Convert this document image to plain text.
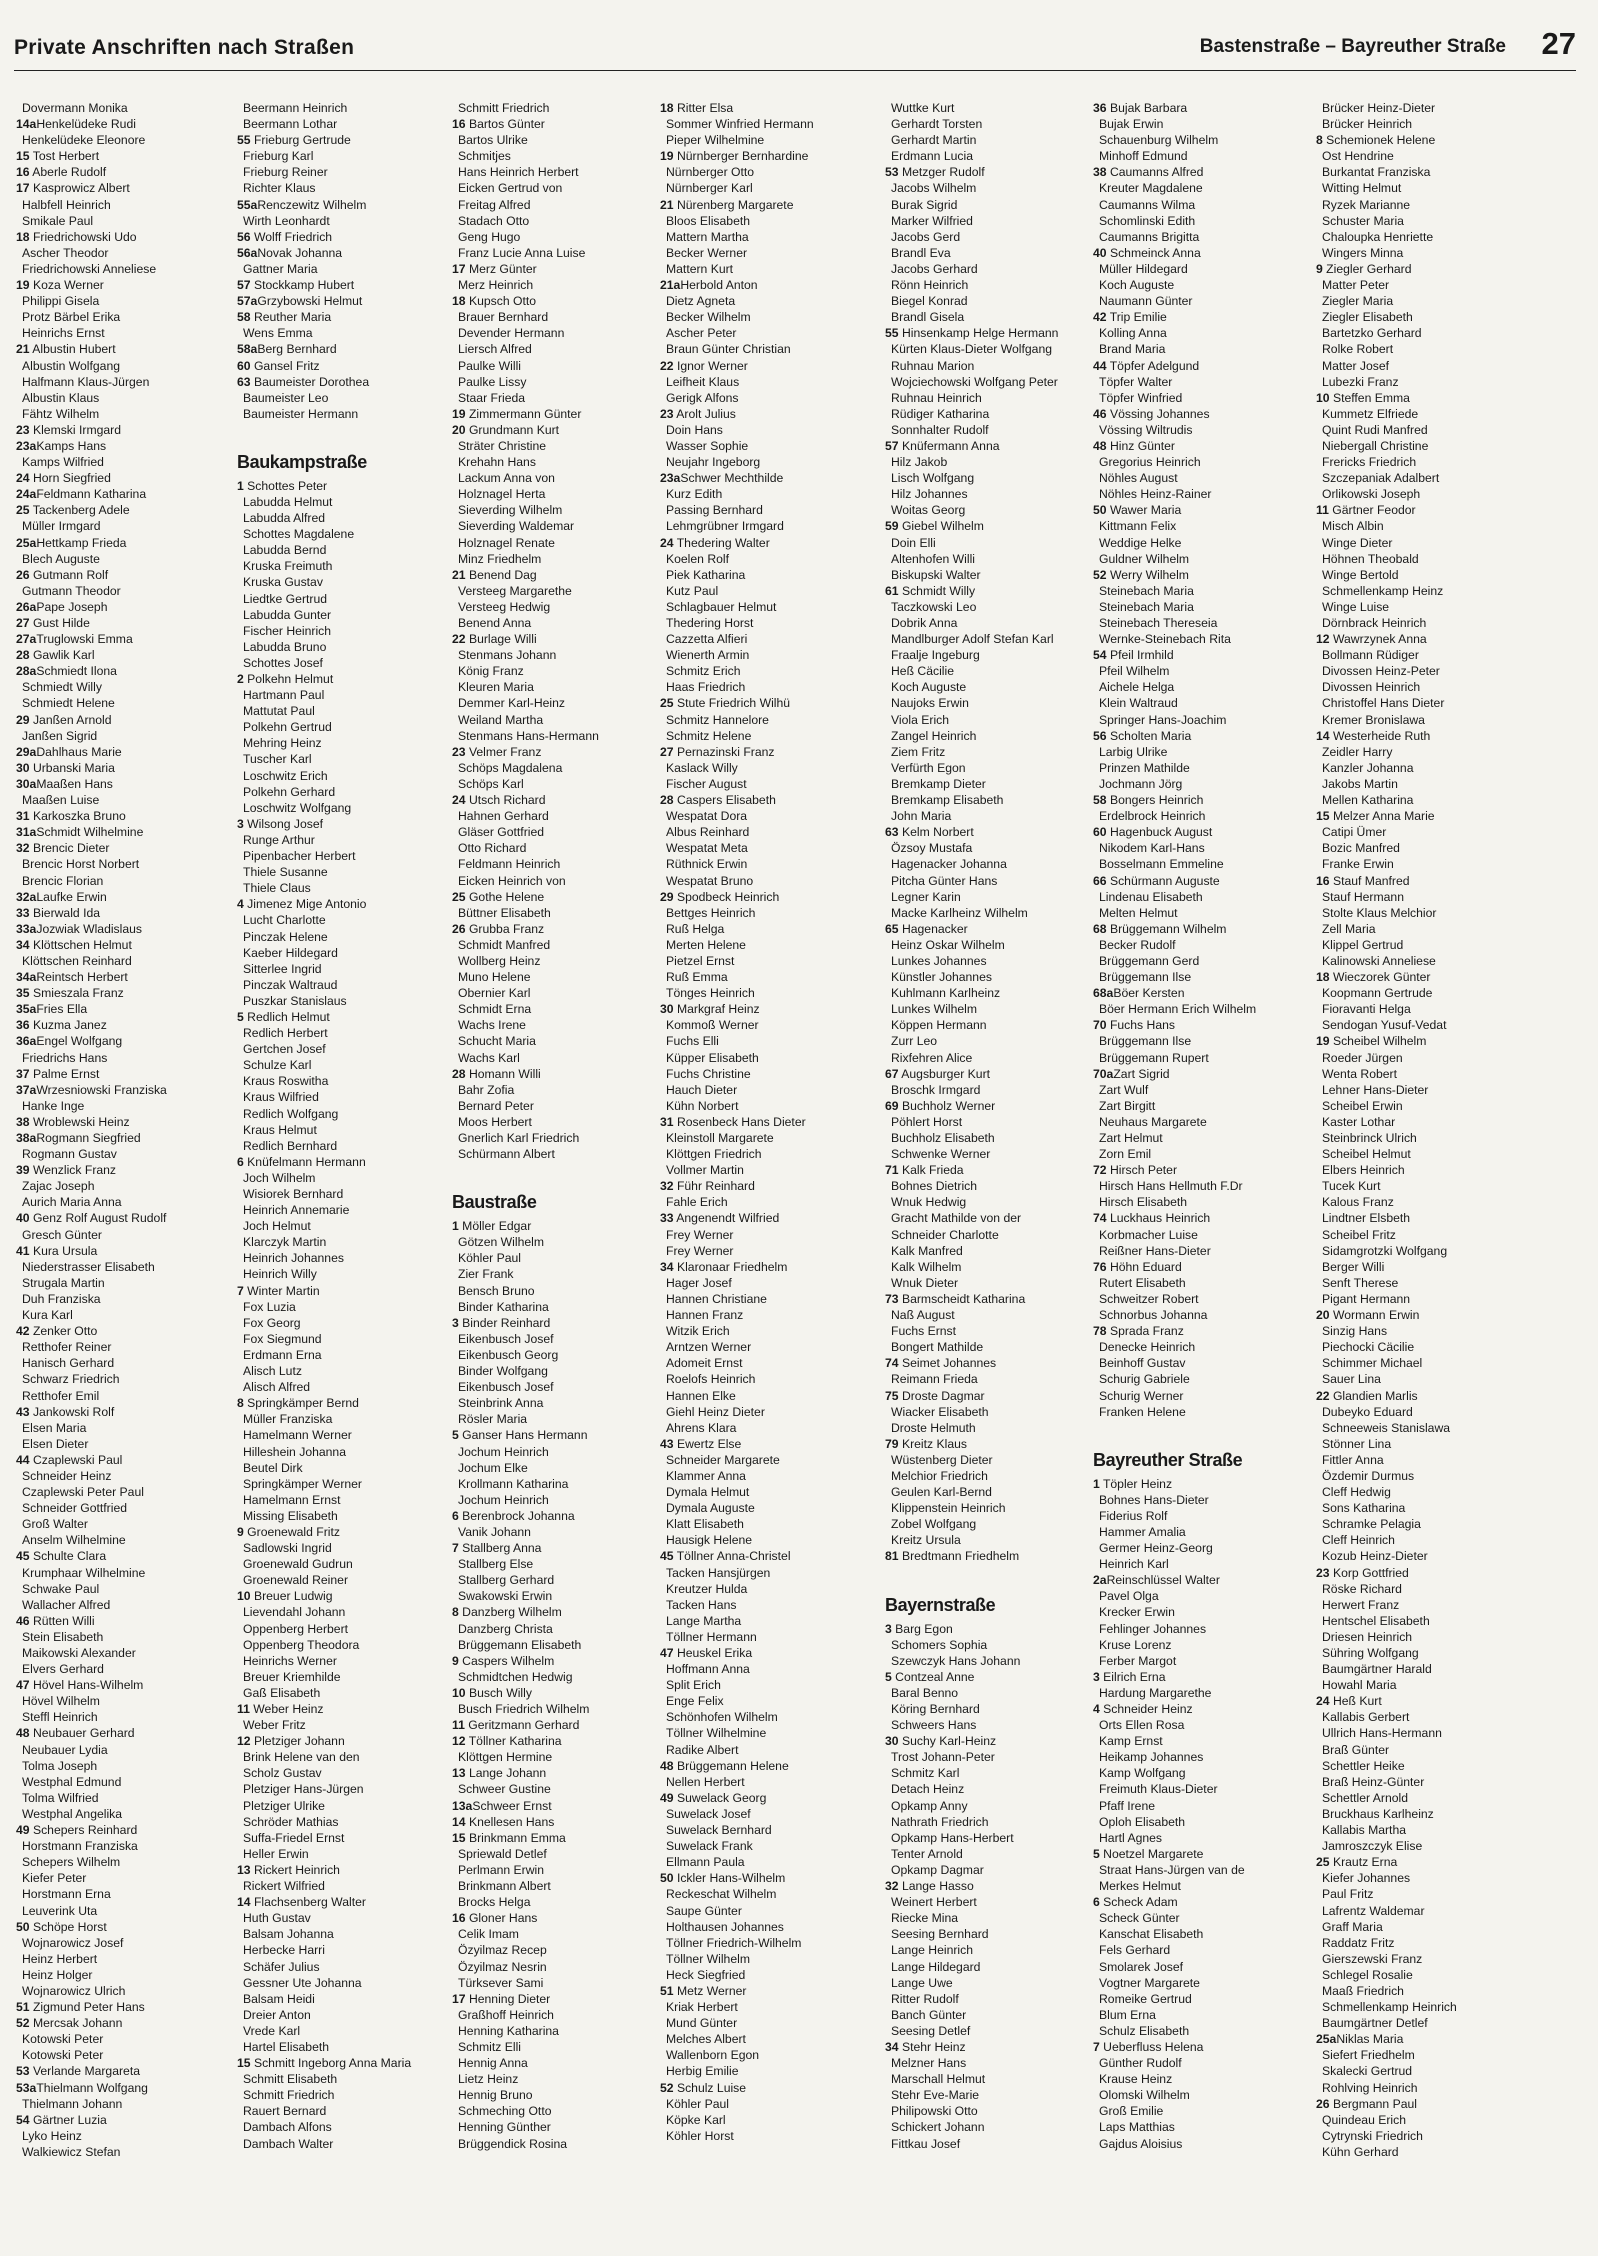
Private Anschriften nach Straßen	Bastenstraße – Bayreuther Straße 27
Dovermann Monika
14aHenkelüdeke Rudi
Henkelüdeke Eleonore
15 Tost Herbert
16 Aberle Rudolf
17 Kasprowicz Albert
Halbfell Heinrich
Smikale Paul
18 Friedrichowski Udo
Ascher Theodor
Friedrichowski Anneliese
19 Koza Werner
Philippi Gisela
Protz Bärbel Erika
Heinrichs Ernst
21 Albustin Hubert
Albustin Wolfgang
Halfmann Klaus-Jürgen
Albustin Klaus
Fähtz Wilhelm
23 Klemski Irmgard
23aKamps Hans
Kamps Wilfried
24 Horn Siegfried
24aFeldmann Katharina
25 Tackenberg Adele
Müller Irmgard
25aHettkamp Frieda
Blech Auguste
26 Gutmann Rolf
Gutmann Theodor
26aPape Joseph
27 Gust Hilde
27aTruglowski Emma
28 Gawlik Karl
28aSchmiedt Ilona
Schmiedt Willy
Schmiedt Helene
29 Janßen Arnold
Janßen Sigrid
29aDahlhaus Marie
30 Urbanski Maria
30aMaaßen Hans
Maaßen Luise
31 Karkoszka Bruno
31aSchmidt Wilhelmine
32 Brencic Dieter
Brencic Horst Norbert
Brencic Florian
32aLaufke Erwin
33 Bierwald Ida
33aJozwiak Wladislaus
34 Klöttschen Helmut
Klöttschen Reinhard
34aReintsch Herbert
35 Smieszala Franz
35aFries Ella
36 Kuzma Janez
36aEngel Wolfgang
Friedrichs Hans
37 Palme Ernst
37aWrzesniowski Franziska
Hanke Inge
38 Wroblewski Heinz
38aRogmann Siegfried
Rogmann Gustav
39 Wenzlick Franz
Zajac Joseph
Aurich Maria Anna
40 Genz Rolf August Rudolf
Gresch Günter
41 Kura Ursula
Niederstrasser Elisabeth
Strugala Martin
Duh Franziska
Kura Karl
42 Zenker Otto
Retthofer Reiner
Hanisch Gerhard
Schwarz Friedrich
Retthofer Emil
43 Jankowski Rolf
Elsen Maria
Elsen Dieter
44 Czaplewski Paul
Schneider Heinz
Czaplewski Peter Paul
Schneider Gottfried
Groß Walter
Anselm Wilhelmine
45 Schulte Clara
Krumphaar Wilhelmine
Schwake Paul
Wallacher Alfred
46 Rütten Willi
Stein Elisabeth
Maikowski Alexander
Elvers Gerhard
47 Hövel Hans-Wilhelm
Hövel Wilhelm
Steffl Heinrich
48 Neubauer Gerhard
Neubauer Lydia
Tolma Joseph
Westphal Edmund
Tolma Wilfried
Westphal Angelika
49 Schepers Reinhard
Horstmann Franziska
Schepers Wilhelm
Kiefer Peter
Horstmann Erna
Leuverink Uta
50 Schöpe Horst
Wojnarowicz Josef
Heinz Herbert
Heinz Holger
Wojnarowicz Ulrich
51 Zigmund Peter Hans
52 Mercsak Johann
Kotowski Peter
Kotowski Peter
53 Verlande Margareta
53aThielmann Wolfgang
Thielmann Johann
54 Gärtner Luzia
Lyko Heinz
Walkiewicz Stefan
Beermann Heinrich
Beermann Lothar
55 Frieburg Gertrude
Frieburg Karl
Frieburg Reiner
Richter Klaus
55aRenczewitz Wilhelm
Wirth Leonhardt
56 Wolff Friedrich
56aNovak Johanna
Gattner Maria
57 Stockkamp Hubert
57aGrzybowski Helmut
58 Reuther Maria
Wens Emma
58aBerg Bernhard
60 Gansel Fritz
63 Baumeister Dorothea
Baumeister Leo
Baumeister Hermann
Baukampstraße
1 Schottes Peter
Labudda Helmut
Labudda Alfred
Schottes Magdalene
Labudda Bernd
Kruska Freimuth
Kruska Gustav
Liedtke Gertrud
Labudda Gunter
Fischer Heinrich
Labudda Bruno
Schottes Josef
2 Polkehn Helmut
Hartmann Paul
Mattutat Paul
Polkehn Gertrud
Mehring Heinz
Tuscher Karl
Loschwitz Erich
Polkehn Gerhard
Loschwitz Wolfgang
3 Wilsong Josef
Runge Arthur
Pipenbacher Herbert
Thiele Susanne
Thiele Claus
4 Jimenez Mige Antonio
Lucht Charlotte
Pinczak Helene
Kaeber Hildegard
Sitterlee Ingrid
Pinczak Waltraud
Puszkar Stanislaus
5 Redlich Helmut
Redlich Herbert
Gertchen Josef
Schulze Karl
Kraus Roswitha
Kraus Wilfried
Redlich Wolfgang
Kraus Helmut
Redlich Bernhard
6 Knüfelmann Hermann
Joch Wilhelm
Wisiorek Bernhard
Heinrich Annemarie
Joch Helmut
Klarczyk Martin
Heinrich Johannes
Heinrich Willy
7 Winter Martin
Fox Luzia
Fox Georg
Fox Siegmund
Erdmann Erna
Alisch Lutz
Alisch Alfred
8 Springkämper Bernd
Müller Franziska
Hamelmann Werner
Hilleshein Johanna
Beutel Dirk
Springkämper Werner
Hamelmann Ernst
Missing Elisabeth
9 Groenewald Fritz
Sadlowski Ingrid
Groenewald Gudrun
Groenewald Reiner
10 Breuer Ludwig
Lievendahl Johann
Oppenberg Herbert
Oppenberg Theodora
Heinrichs Werner
Breuer Kriemhilde
Gaß Elisabeth
11 Weber Heinz
Weber Fritz
12 Pletziger Johann
Brink Helene van den
Scholz Gustav
Pletziger Hans-Jürgen
Pletziger Ulrike
Schröder Mathias
Suffa-Friedel Ernst
Heller Erwin
13 Rickert Heinrich
Rickert Wilfried
14 Flachsenberg Walter
Huth Gustav
Balsam Johanna
Herbecke Harri
Schäfer Julius
Gessner Ute Johanna
Balsam Heidi
Dreier Anton
Vrede Karl
Hartel Elisabeth
15 Schmitt Ingeborg Anna Maria
Schmitt Elisabeth
Schmitt Friedrich
Rauert Bernard
Dambach Alfons
Dambach Walter
Schmitt Friedrich
16 Bartos Günter
Bartos Ulrike
Schmitjes
Hans Heinrich Herbert
Eicken Gertrud von
Freitag Alfred
Stadach Otto
Geng Hugo
Franz Lucie Anna Luise
17 Merz Günter
Merz Heinrich
18 Kupsch Otto
Brauer Bernhard
Devender Hermann
Liersch Alfred
Paulke Willi
Paulke Lissy
Staar Frieda
19 Zimmermann Günter
20 Grundmann Kurt
Sträter Christine
Krehahn Hans
Lackum Anna von
Holznagel Herta
Sieverding Wilhelm
Sieverding Waldemar
Holznagel Renate
Minz Friedhelm
21 Benend Dag
Versteeg Margarethe
Versteeg Hedwig
Benend Anna
22 Burlage Willi
Stenmans Johann
König Franz
Kleuren Maria
Demmer Karl-Heinz
Weiland Martha
Stenmans Hans-Hermann
23 Velmer Franz
Schöps Magdalena
Schöps Karl
24 Utsch Richard
Hahnen Gerhard
Gläser Gottfried
Otto Richard
Feldmann Heinrich
Eicken Heinrich von
25 Gothe Helene
Büttner Elisabeth
26 Grubba Franz
Schmidt Manfred
Wollberg Heinz
Muno Helene
Obernier Karl
Schmidt Erna
Wachs Irene
Schucht Maria
Wachs Karl
28 Homann Willi
Bahr Zofia
Bernard Peter
Moos Herbert
Gnerlich Karl Friedrich
Schürmann Albert
Baustraße
1 Möller Edgar
Götzen Wilhelm
Köhler Paul
Zier Frank
Bensch Bruno
Binder Katharina
3 Binder Reinhard
Eikenbusch Josef
Eikenbusch Georg
Binder Wolfgang
Eikenbusch Josef
Steinbrink Anna
Rösler Maria
5 Ganser Hans Hermann
Jochum Heinrich
Jochum Elke
Krollmann Katharina
Jochum Heinrich
6 Berenbrock Johanna
Vanik Johann
7 Stallberg Anna
Stallberg Else
Stallberg Gerhard
Swakowski Erwin
8 Danzberg Wilhelm
Danzberg Christa
Brüggemann Elisabeth
9 Caspers Wilhelm
Schmidtchen Hedwig
10 Busch Willy
Busch Friedrich Wilhelm
11 Geritzmann Gerhard
12 Töllner Katharina
Klöttgen Hermine
13 Lange Johann
Schweer Gustine
13aSchweer Ernst
14 Knellesen Hans
15 Brinkmann Emma
Spriewald Detlef
Perlmann Erwin
Brinkmann Albert
Brocks Helga
16 Gloner Hans
Celik Imam
Özyilmaz Recep
Özyilmaz Nesrin
Türksever Sami
17 Henning Dieter
Graßhoff Heinrich
Henning Katharina
Schmitz Elli
Hennig Anna
Lietz Heinz
Hennig Bruno
Schmeching Otto
Henning Günther
Brüggendick Rosina
18 Ritter Elsa
Sommer Winfried Hermann
Pieper Wilhelmine
19 Nürnberger Bernhardine
Nürnberger Otto
Nürnberger Karl
21 Nürenberg Margarete
Bloos Elisabeth
Mattern Martha
Becker Werner
Mattern Kurt
21aHerbold Anton
Dietz Agneta
Becker Wilhelm
Ascher Peter
Braun Günter Christian
22 Ignor Werner
Leifheit Klaus
Gerigk Alfons
23 Arolt Julius
Doin Hans
Wasser Sophie
Neujahr Ingeborg
23aSchwer Mechthilde
Kurz Edith
Passing Bernhard
Lehmgrübner Irmgard
24 Thedering Walter
Koelen Rolf
Piek Katharina
Kutz Paul
Schlagbauer Helmut
Thedering Horst
Cazzetta Alfieri
Wienerth Armin
Schmitz Erich
Haas Friedrich
25 Stute Friedrich Wilhü
Schmitz Hannelore
Schmitz Helene
27 Pernazinski Franz
Kaslack Willy
Fischer August
28 Caspers Elisabeth
Wespatat Dora
Albus Reinhard
Wespatat Meta
Rüthnick Erwin
Wespatat Bruno
29 Spodbeck Heinrich
Bettges Heinrich
Ruß Helga
Merten Helene
Pietzel Ernst
Ruß Emma
Tönges Heinrich
30 Markgraf Heinz
Kommoß Werner
Fuchs Elli
Küpper Elisabeth
Fuchs Christine
Hauch Dieter
Kühn Norbert
31 Rosenbeck Hans Dieter
Kleinstoll Margarete
Klöttgen Friedrich
Vollmer Martin
32 Führ Reinhard
Fahle Erich
33 Angenendt Wilfried
Frey Werner
Frey Werner
34 Klaronaar Friedhelm
Hager Josef
Hannen Christiane
Hannen Franz
Witzik Erich
Arntzen Werner
Adomeit Ernst
Roelofs Heinrich
Hannen Elke
Giehl Heinz Dieter
Ahrens Klara
43 Ewertz Else
Schneider Margarete
Klammer Anna
Dymala Helmut
Dymala Auguste
Klatt Elisabeth
Hausigk Helene
45 Töllner Anna-Christel
Tacken Hansjürgen
Kreutzer Hulda
Tacken Hans
Lange Martha
Töllner Hermann
47 Heuskel Erika
Hoffmann Anna
Split Erich
Enge Felix
Schönhofen Wilhelm
Töllner Wilhelmine
Radike Albert
48 Brüggemann Helene
Nellen Herbert
49 Suwelack Georg
Suwelack Josef
Suwelack Bernhard
Suwelack Frank
Ellmann Paula
50 Ickler Hans-Wilhelm
Reckeschat Wilhelm
Saupe Günter
Holthausen Johannes
Töllner Friedrich-Wilhelm
Töllner Wilhelm
Heck Siegfried
51 Metz Werner
Kriak Herbert
Mund Günter
Melches Albert
Wallenborn Egon
Herbig Emilie
52 Schulz Luise
Köhler Paul
Köpke Karl
Köhler Horst
Wuttke Kurt
Gerhardt Torsten
Gerhardt Martin
Erdmann Lucia
53 Metzger Rudolf
Jacobs Wilhelm
Burak Sigrid
Marker Wilfried
Jacobs Gerd
Brandl Eva
Jacobs Gerhard
Rönn Heinrich
Biegel Konrad
Brandl Gisela
55 Hinsenkamp Helge Hermann
Kürten Klaus-Dieter Wolfgang
Ruhnau Marion
Wojciechowski Wolfgang Peter
Ruhnau Heinrich
Rüdiger Katharina
Sonnhalter Rudolf
57 Knüfermann Anna
Hilz Jakob
Lisch Wolfgang
Hilz Johannes
Woitas Georg
59 Giebel Wilhelm
Doin Elli
Altenhofen Willi
Biskupski Walter
61 Schmidt Willy
Taczkowski Leo
Dobrik Anna
Mandlburger Adolf Stefan Karl
Fraalje Ingeburg
Heß Cäcilie
Koch Auguste
Naujoks Erwin
Viola Erich
Zangel Heinrich
Ziem Fritz
Verfürth Egon
Bremkamp Dieter
Bremkamp Elisabeth
John Maria
63 Kelm Norbert
Özsoy Mustafa
Hagenacker Johanna
Pitcha Günter Hans
Legner Karin
Macke Karlheinz Wilhelm
65 Hagenacker
Heinz Oskar Wilhelm
Lunkes Johannes
Künstler Johannes
Kuhlmann Karlheinz
Lunkes Wilhelm
Köppen Hermann
Zurr Leo
Rixfehren Alice
67 Augsburger Kurt
Broschk Irmgard
69 Buchholz Werner
Pöhlert Horst
Buchholz Elisabeth
Schwenke Werner
71 Kalk Frieda
Bohnes Dietrich
Wnuk Hedwig
Gracht Mathilde von der
Schneider Charlotte
Kalk Manfred
Kalk Wilhelm
Wnuk Dieter
73 Barmscheidt Katharina
Naß August
Fuchs Ernst
Bongert Mathilde
74 Seimet Johannes
Reimann Frieda
75 Droste Dagmar
Wiacker Elisabeth
Droste Helmuth
79 Kreitz Klaus
Wüstenberg Dieter
Melchior Friedrich
Geulen Karl-Bernd
Klippenstein Heinrich
Zobel Wolfgang
Kreitz Ursula
81 Bredtmann Friedhelm
Bayernstraße
3 Barg Egon
Schomers Sophia
Szewczyk Hans Johann
5 Contzeal Anne
Baral Benno
Köring Bernhard
Schweers Hans
30 Suchy Karl-Heinz
Trost Johann-Peter
Schmitz Karl
Detach Heinz
Opkamp Anny
Nathrath Friedrich
Opkamp Hans-Herbert
Tenter Arnold
Opkamp Dagmar
32 Lange Hasso
Weinert Herbert
Riecke Mina
Seesing Bernhard
Lange Heinrich
Lange Hildegard
Lange Uwe
Ritter Rudolf
Banch Günter
Seesing Detlef
34 Stehr Heinz
Melzner Hans
Marschall Helmut
Stehr Eve-Marie
Philipowski Otto
Schickert Johann
Fittkau Josef
36 Bujak Barbara
Bujak Erwin
Schauenburg Wilhelm
Minhoff Edmund
38 Caumanns Alfred
Kreuter Magdalene
Caumanns Wilma
Schomlinski Edith
Caumanns Brigitta
40 Schmeinck Anna
Müller Hildegard
Koch Auguste
Naumann Günter
42 Trip Emilie
Kolling Anna
Brand Maria
44 Töpfer Adelgund
Töpfer Walter
Töpfer Winfried
46 Vössing Johannes
Vössing Wiltrudis
48 Hinz Günter
Gregorius Heinrich
Nöhles August
Nöhles Heinz-Rainer
50 Wawer Maria
Kittmann Felix
Weddige Helke
Guldner Wilhelm
52 Werry Wilhelm
Steinebach Maria
Steinebach Maria
Steinebach Thereseia
Wernke-Steinebach Rita
54 Pfeil Irmhild
Pfeil Wilhelm
Aichele Helga
Klein Waltraud
Springer Hans-Joachim
56 Scholten Maria
Larbig Ulrike
Prinzen Mathilde
Jochmann Jörg
58 Bongers Heinrich
Erdelbrock Heinrich
60 Hagenbuck August
Nikodem Karl-Hans
Bosselmann Emmeline
66 Schürmann Auguste
Lindenau Elisabeth
Melten Helmut
68 Brüggemann Wilhelm
Becker Rudolf
Brüggemann Gerd
Brüggemann Ilse
68aBöer Kersten
Böer Hermann Erich Wilhelm
70 Fuchs Hans
Brüggemann Ilse
Brüggemann Rupert
70aZart Sigrid
Zart Wulf
Zart Birgitt
Neuhaus Margarete
Zart Helmut
Zorn Emil
72 Hirsch Peter
Hirsch Hans Hellmuth F.Dr
Hirsch Elisabeth
74 Luckhaus Heinrich
Korbmacher Luise
Reißner Hans-Dieter
76 Höhn Eduard
Rutert Elisabeth
Schweitzer Robert
Schnorbus Johanna
78 Sprada Franz
Denecke Heinrich
Beinhoff Gustav
Schurig Gabriele
Schurig Werner
Franken Helene
Bayreuther Straße
1 Töpler Heinz
Bohnes Hans-Dieter
Fiderius Rolf
Hammer Amalia
Germer Heinz-Georg
Heinrich Karl
2aReinschlüssel Walter
Pavel Olga
Krecker Erwin
Fehlinger Johannes
Kruse Lorenz
Ferber Margot
3 Eilrich Erna
Hardung Margarethe
4 Schneider Heinz
Orts Ellen Rosa
Kamp Ernst
Heikamp Johannes
Kamp Wolfgang
Freimuth Klaus-Dieter
Pfaff Irene
Oploh Elisabeth
Hartl Agnes
5 Noetzel Margarete
Straat Hans-Jürgen van de
Merkes Helmut
6 Scheck Adam
Scheck Günter
Kanschat Elisabeth
Fels Gerhard
Smolarek Josef
Vogtner Margarete
Romeike Gertrud
Blum Erna
Schulz Elisabeth
7 Ueberfluss Helena
Günther Rudolf
Krause Heinz
Olomski Wilhelm
Groß Emilie
Laps Matthias
Gajdus Aloisius
Brücker Heinz-Dieter
Brücker Heinrich
8 Schemionek Helene
Ost Hendrine
Burkantat Franziska
Witting Helmut
Ryzek Marianne
Schuster Maria
Chaloupka Henriette
Wingers Minna
9 Ziegler Gerhard
Matter Peter
Ziegler Maria
Ziegler Elisabeth
Bartetzko Gerhard
Rolke Robert
Matter Josef
Lubezki Franz
10 Steffen Emma
Kummetz Elfriede
Quint Rudi Manfred
Niebergall Christine
Frericks Friedrich
Szczepaniak Adalbert
Orlikowski Joseph
11 Gärtner Feodor
Misch Albin
Winge Dieter
Höhnen Theobald
Winge Bertold
Schmellenkamp Heinz
Winge Luise
Dörnbrack Heinrich
12 Wawrzynek Anna
Bollmann Rüdiger
Divossen Heinz-Peter
Divossen Heinrich
Christoffel Hans Dieter
Kremer Bronislawa
14 Westerheide Ruth
Zeidler Harry
Kanzler Johanna
Jakobs Martin
Mellen Katharina
15 Melzer Anna Marie
Catipi Ümer
Bozic Manfred
Franke Erwin
16 Stauf Manfred
Stauf Hermann
Stolte Klaus Melchior
Zell Maria
Klippel Gertrud
Kalinowski Anneliese
18 Wieczorek Günter
Koopmann Gertrude
Fioravanti Helga
Sendogan Yusuf-Vedat
19 Scheibel Wilhelm
Roeder Jürgen
Wenta Robert
Lehner Hans-Dieter
Scheibel Erwin
Kaster Lothar
Steinbrinck Ulrich
Scheibel Helmut
Elbers Heinrich
Tucek Kurt
Kalous Franz
Lindtner Elsbeth
Scheibel Fritz
Sidamgrotzki Wolfgang
Berger Willi
Senft Therese
Pigant Hermann
20 Wormann Erwin
Sinzig Hans
Piechocki Cäcilie
Schimmer Michael
Sauer Lina
22 Glandien Marlis
Dubeyko Eduard
Schneeweis Stanislawa
Stönner Lina
Fittler Anna
Özdemir Durmus
Cleff Hedwig
Sons Katharina
Schramke Pelagia
Cleff Heinrich
Kozub Heinz-Dieter
23 Korp Gottfried
Röske Richard
Herwert Franz
Hentschel Elisabeth
Driesen Heinrich
Sühring Wolfgang
Baumgärtner Harald
Howahl Maria
24 Heß Kurt
Kallabis Gerbert
Ullrich Hans-Hermann
Braß Günter
Schettler Heike
Braß Heinz-Günter
Schettler Arnold
Bruckhaus Karlheinz
Kallabis Martha
Jamroszczyk Elise
25 Krautz Erna
Kiefer Johannes
Paul Fritz
Lafrentz Waldemar
Graff Maria
Raddatz Fritz
Gierszewski Franz
Schlegel Rosalie
Maaß Friedrich
Schmellenkamp Heinrich
Baumgärtner Detlef
25aNiklas Maria
Siefert Friedhelm
Skalecki Gertrud
Rohlving Heinrich
26 Bergmann Paul
Quindeau Erich
Cytrynski Friedrich
Kühn Gerhard
